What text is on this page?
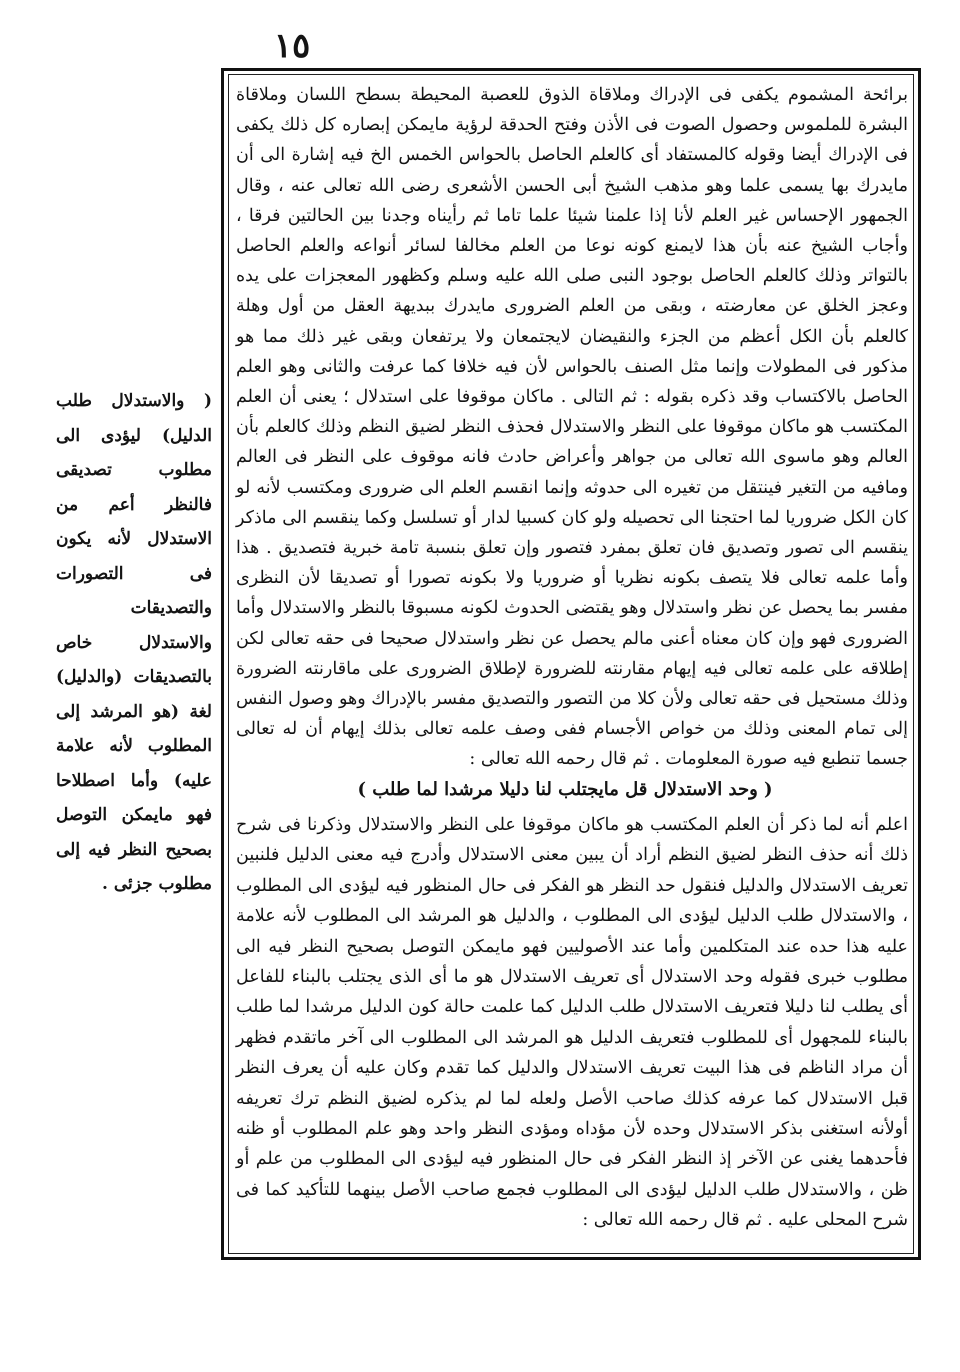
١٥

برائحة المشموم يكفى فى الإدراك وملاقاة الذوق للعصبة المحيطة بسطح اللسان وملاقاة البشرة للملموس وحصول الصوت فى الأذن وفتح الحدقة لرؤية مايمكن إبصاره كل ذلك يكفى فى الإدراك أيضا وقوله كالمستفاد أى كالعلم الحاصل بالحواس الخمس الخ فيه إشارة الى أن مايدرك بها يسمى علما وهو مذهب الشيخ أبى الحسن الأشعرى رضى الله تعالى عنه ، وقال الجمهور الإحساس غير العلم لأنا إذا علمنا شيئا علما تاما ثم رأيناه وجدنا بين الحالتين فرقا ، وأجاب الشيخ عنه بأن هذا لايمنع كونه نوعا من العلم مخالفا لسائر أنواعه والعلم الحاصل بالتواتر وذلك كالعلم الحاصل بوجود النبى صلى الله عليه وسلم وكظهور المعجزات على يده وعجز الخلق عن معارضته ، وبقى من العلم الضرورى مايدرك ببديهة العقل من أول وهلة كالعلم بأن الكل أعظم من الجزء والنقيضان لايجتمعان ولا يرتفعان وبقى غير ذلك مما هو مذكور فى المطولات وإنما مثل الصنف بالحواس لأن فيه خلافا كما عرفت والثانى وهو العلم الحاصل بالاكتساب وقد ذكره بقوله : ثم التالى . ماكان موقوفا على استدلال ؛ يعنى أن العلم المكتسب هو ماكان موقوفا على النظر والاستدلال فحذف النظر لضيق النظم وذلك كالعلم بأن العالم وهو ماسوى الله تعالى من جواهر وأعراض حادث فانه موقوف على النظر فى العالم ومافيه من التغير فينتقل من تغيره الى حدوثه وإنما انقسم العلم الى ضرورى ومكتسب لأنه لو كان الكل ضروريا لما احتجنا الى تحصيله ولو كان كسبيا لدار أو تسلسل وكما ينقسم الى ماذكر ينقسم الى تصور وتصديق فان تعلق بمفرد فتصور وإن تعلق بنسبة تامة خبرية فتصديق . هذا وأما علمه تعالى فلا يتصف بكونه نظريا أو ضروريا ولا بكونه تصورا أو تصديقا لأن النظرى مفسر بما يحصل عن نظر واستدلال وهو يقتضى الحدوث لكونه مسبوقا بالنظر والاستدلال وأما الضرورى فهو وإن كان معناه أعنى مالم يحصل عن نظر واستدلال صحيحا فى حقه تعالى لكن إطلاقه على علمه تعالى فيه إيهام مقارنته للضرورة لإطلاق الضرورى على ماقارنته الضرورة وذلك مستحيل فى حقه تعالى ولأن كلا من التصور والتصديق مفسر بالإدراك وهو وصول النفس إلى تمام المعنى وذلك من خواص الأجسام ففى وصف علمه تعالى بذلك إيهام أن له تعالى جسما تنطبع فيه صورة المعلومات . ثم قال رحمه الله تعالى :

( وحد الاستدلال قل مايجتلب لنا دليلا مرشدا لما طلب )

اعلم أنه لما ذكر أن العلم المكتسب هو ماكان موقوفا على النظر والاستدلال وذكرنا فى شرح ذلك أنه حذف النظر لضيق النظم أراد أن يبين معنى الاستدلال وأدرج فيه معنى الدليل فلنبين تعريف الاستدلال والدليل فنقول حد النظر هو الفكر فى حال المنظور فيه ليؤدى الى المطلوب ، والاستدلال طلب الدليل ليؤدى الى المطلوب ، والدليل هو المرشد الى المطلوب لأنه علامة عليه هذا حده عند المتكلمين وأما عند الأصوليين فهو مايمكن التوصل بصحيح النظر فيه الى مطلوب خبرى فقوله وحد الاستدلال أى تعريف الاستدلال هو ما أى الذى يجتلب بالبناء للفاعل أى يطلب لنا دليلا فتعريف الاستدلال طلب الدليل كما علمت حالة كون الدليل مرشدا لما طلب بالبناء للمجهول أى للمطلوب فتعريف الدليل هو المرشد الى المطلوب الى آخر ماتقدم فظهر أن مراد الناظم فى هذا البيت تعريف الاستدلال والدليل كما تقدم وكان عليه أن يعرف النظر قبل الاستدلال كما عرفه كذلك صاحب الأصل ولعله لما لم يذكره لضيق النظم ترك تعريفه أولأنه استغنى بذكر الاستدلال وحده لأن مؤداه ومؤدى النظر واحد وهو علم المطلوب أو ظنه فأحدهما يغنى عن الآخر إذ النظر الفكر فى حال المنظور فيه ليؤدى الى المطلوب من علم أو ظن ، والاستدلال طلب الدليل ليؤدى الى المطلوب فجمع صاحب الأصل بينهما للتأكيد كما فى شرح المحلى عليه . ثم قال رحمه الله تعالى :

( والاستدلال طلب الدليل) ليؤدى الى مطلوب تصديقى فالنظر أعم من الاستدلال لأنه يكون فى التصورات والتصديقات والاستدلال خاص بالتصديقات (والدليل) لغة (هو المرشد إلى المطلوب لأنه علامة عليه) وأما اصطلاحا فهو مايمكن التوصل بصحيح النظر فيه إلى مطلوب جزئى .
